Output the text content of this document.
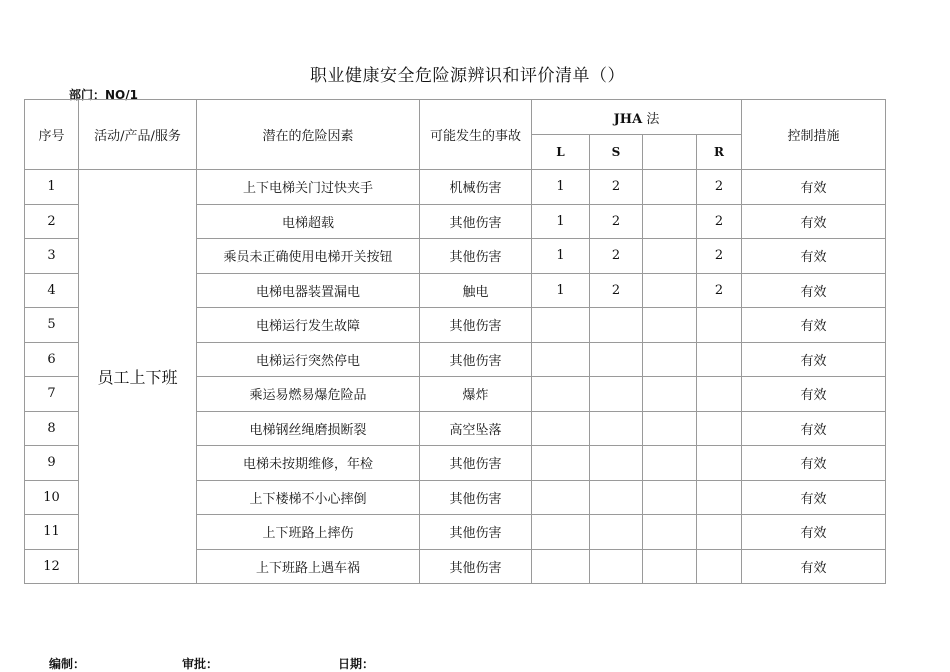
职业健康安全危险源辨识和评价清单（）
部门：NO/1
序号	活动/产品/服务	潜在的危险因素	可能发生的事故	JHA 法				控制措施
				L	S		R	
1	员工上下班	上下电梯关门过快夹手	机械伤害	1	2		2	有效
2		电梯超载	其他伤害	1	2		2	有效
3		乘员未正确使用电梯开关按钮	其他伤害	1	2		2	有效
4		电梯电器装置漏电	触电	1	2		2	有效
5		电梯运行发生故障	其他伤害					有效
6		电梯运行突然停电	其他伤害					有效
7		乘运易燃易爆危险品	爆炸					有效
8		电梯钢丝绳磨损断裂	高空坠落					有效
9		电梯未按期维修，年检	其他伤害					有效
10		上下楼梯不小心摔倒	其他伤害					有效
11		上下班路上摔伤	其他伤害					有效
12		上下班路上遇车祸	其他伤害					有效
编制：	审批：	日期：
